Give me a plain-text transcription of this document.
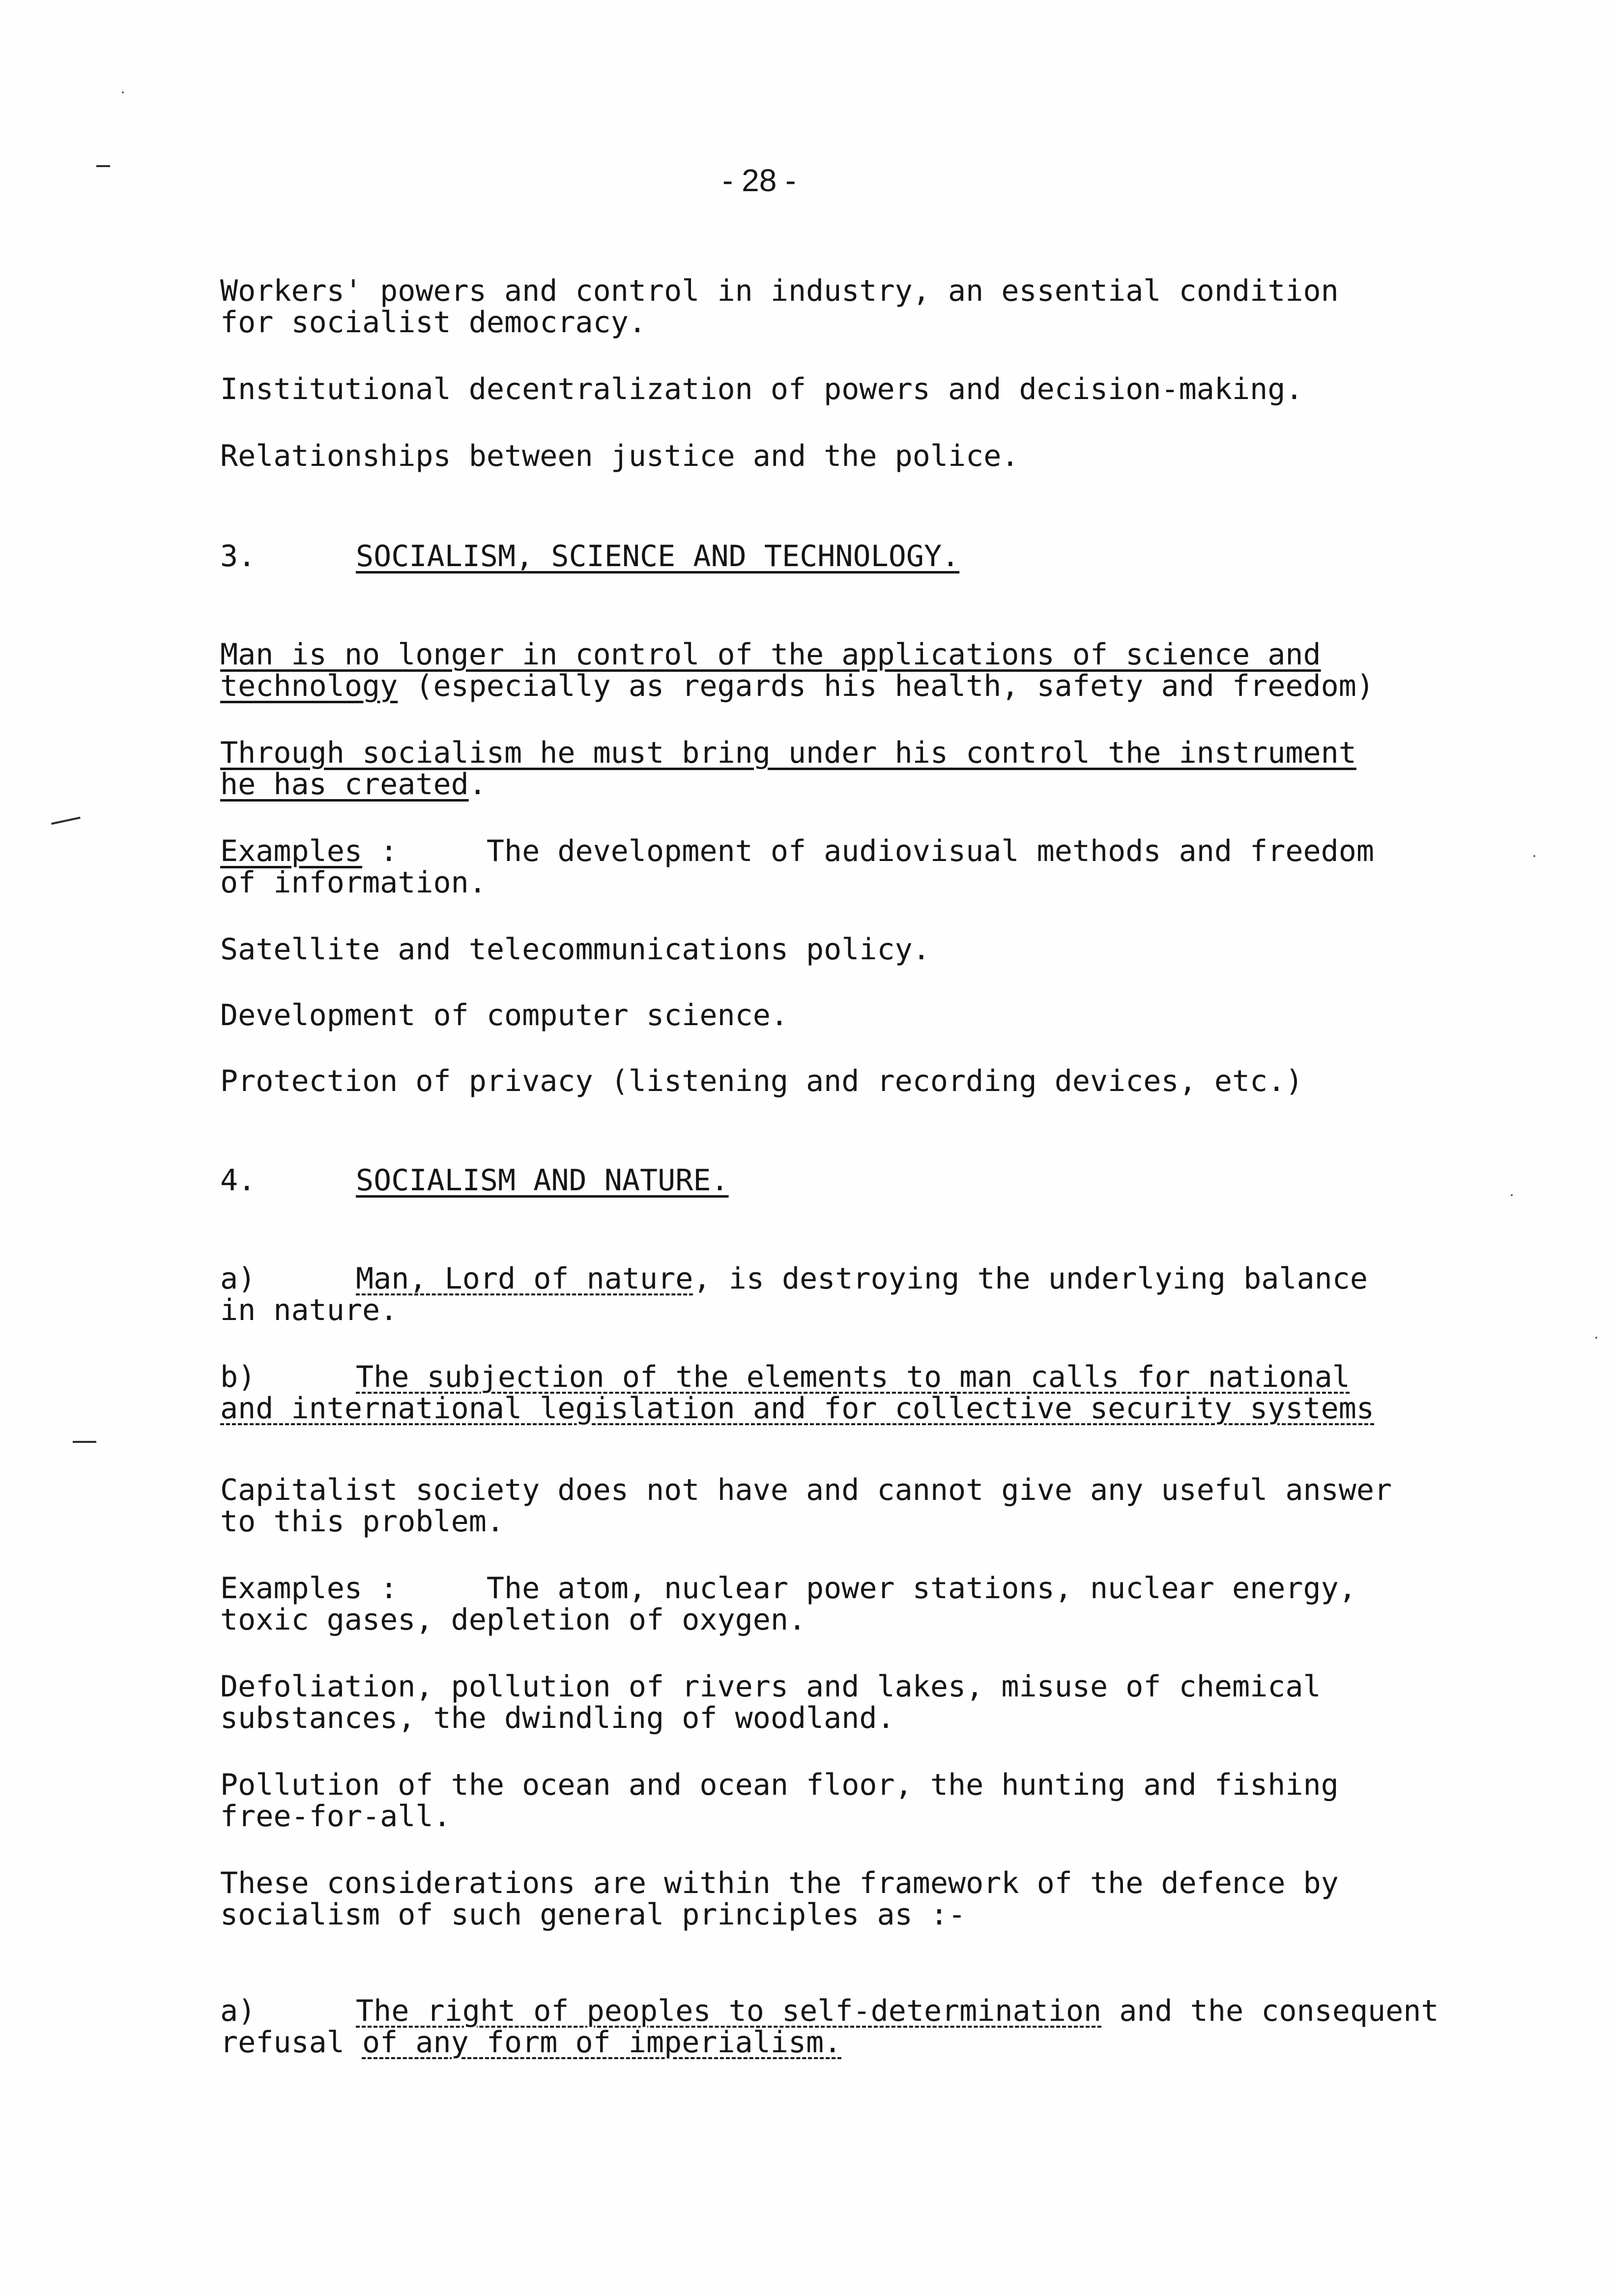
- 28 -
Workers' powers and control in industry, an essential condition
for socialist democracy.
Institutional decentralization of powers and decision-making.
Relationships between justice and the police.
3.	SOCIALISM, SCIENCE AND TECHNOLOGY.
Man is no longer in control of the applications of science and
technology (especially as regards his health, safety and freedom)
Through socialism he must bring under his control the instrument
he has created.
Examples :     The development of audiovisual methods and freedom
of information.
Satellite and telecommunications policy.
Development of computer science.
Protection of privacy (listening and recording devices, etc.)
4.	SOCIALISM AND NATURE.
a)	Man, Lord of nature, is destroying the underlying balance
in nature.
b)	The subjection of the elements to man calls for national
and international legislation and for collective security systems
Capitalist society does not have and cannot give any useful answer
to this problem.
Examples :     The atom, nuclear power stations, nuclear energy,
toxic gases, depletion of oxygen.
Defoliation, pollution of rivers and lakes, misuse of chemical
substances, the dwindling of woodland.
Pollution of the ocean and ocean floor, the hunting and fishing
free-for-all.
These considerations are within the framework of the defence by
socialism of such general principles as :-
a)	The right of peoples to self-determination and the consequent
refusal of any form of imperialism.
